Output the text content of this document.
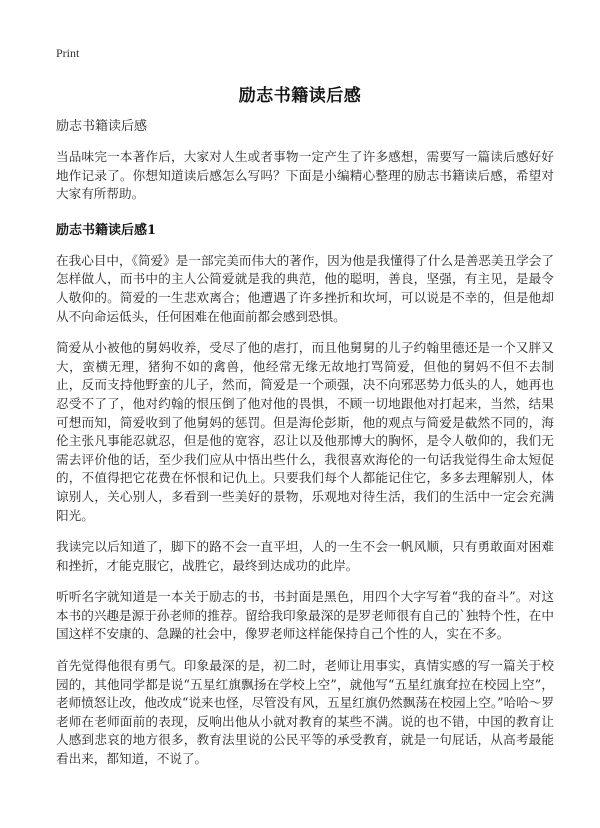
Print
励志书籍读后感
励志书籍读后感

当品味完一本著作后，大家对人生或者事物一定产生了许多感想，需要写一篇读后感好好地作记录了。你想知道读后感怎么写吗？下面是小编精心整理的励志书籍读后感，希望对大家有所帮助。

励志书籍读后感1

在我心目中，《简爱》是一部完美而伟大的著作，因为他是我懂得了什么是善恶美丑学会了怎样做人，而书中的主人公简爱就是我的典范，他的聪明，善良，坚强，有主见，是最令人敬仰的。简爱的一生悲欢离合；他遭遇了许多挫折和坎坷，可以说是不幸的，但是他却从不向命运低头，任何困难在他面前都会感到恐惧。

简爱从小被他的舅妈收养，受尽了他的虐打，而且他舅舅的儿子约翰里德还是一个又胖又大，蛮横无理，猪狗不如的禽兽，他经常无缘无故地打骂简爱，但他的舅妈不但不去制止，反而支持他野蛮的儿子，然而，简爱是一个顽强，决不向邪恶势力低头的人，她再也忍受不了了，他对约翰的恨压倒了他对他的畏惧，不顾一切地跟他对打起来，当然，结果可想而知，简爱收到了他舅妈的惩罚。但是海伦彭斯，他的观点与简爱是截然不同的，海伦主张凡事能忍就忍，但是他的宽容，忍让以及他那博大的胸怀，是令人敬仰的，我们无需去评价他的话，至少我们应从中悟出些什么，我很喜欢海伦的一句话我觉得生命太短促的，不值得把它花费在怀恨和记仇上。只要我们每个人都能记住它，多多去理解别人，体谅别人，关心别人，多看到一些美好的景物，乐观地对待生活，我们的生活中一定会充满阳光。

我读完以后知道了，脚下的路不会一直平坦，人的一生不会一帆风顺，只有勇敢面对困难和挫折，才能克服它，战胜它，最终到达成功的此岸。

听听名字就知道是一本关于励志的书，书封面是黑色，用四个大字写着“我的奋斗”。对这本书的兴趣是源于孙老师的推荐。留给我印象最深的是罗老师很有自己的`独特个性，在中国这样不安康的、急躁的社会中，像罗老师这样能保持自己个性的人，实在不多。

首先觉得他很有勇气。印象最深的是，初二时，老师让用事实，真情实感的写一篇关于校园的，其他同学都是说“五星红旗飘扬在学校上空”，就他写“五星红旗耷拉在校园上空”，老师愤怒让改，他改成“说来也怪，尽管没有风，五星红旗仍然飘荡在校园上空。”哈哈～罗老师在老师面前的表现，反响出他从小就对教育的某些不满。说的也不错，中国的教育让人感到悲哀的地方很多，教育法里说的公民平等的承受教育，就是一句屁话，从高考最能看出来，都知道，不说了。
